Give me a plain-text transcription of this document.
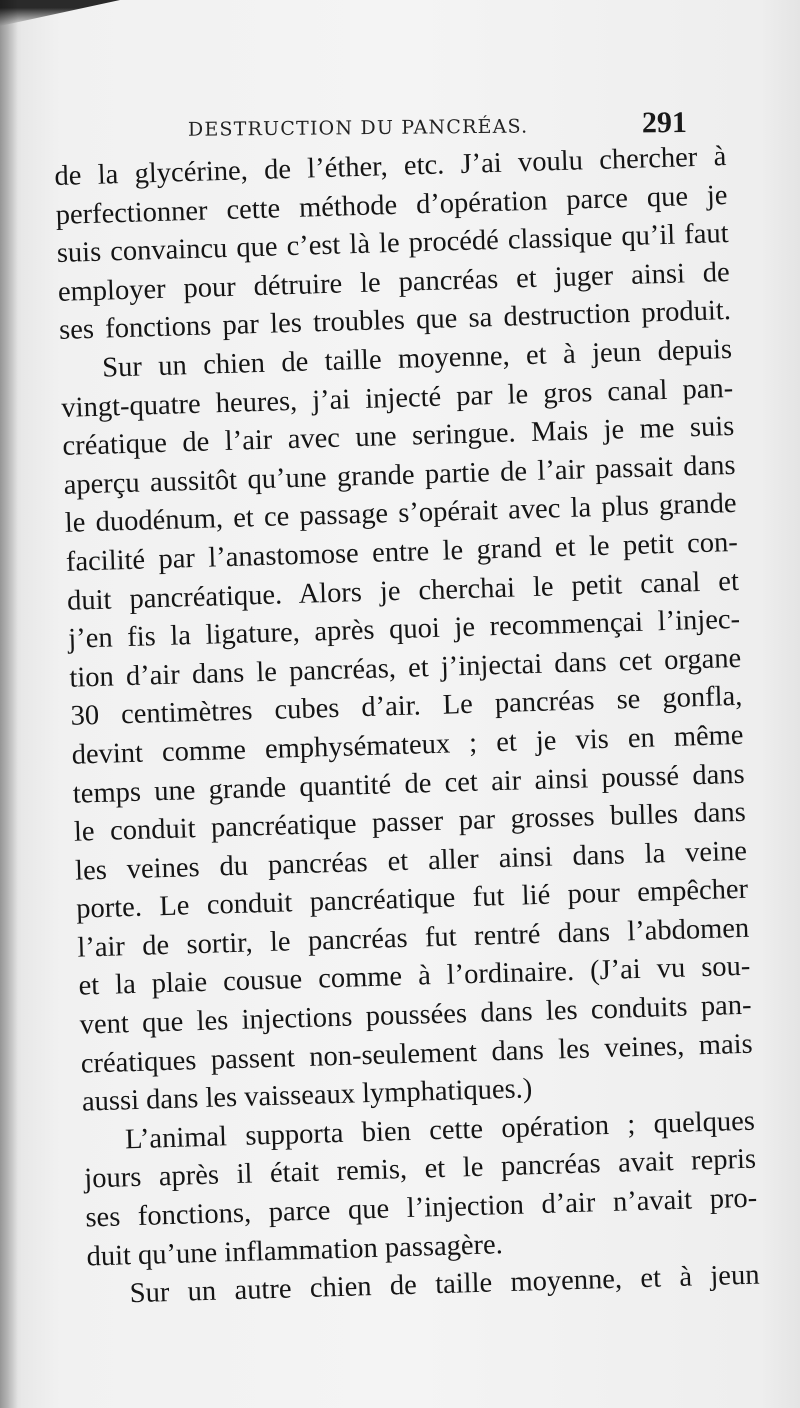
DESTRUCTION DU PANCRÉAS.	291
de la glycérine, de l’éther, etc. J’ai voulu chercher à
perfectionner cette méthode d’opération parce que je
suis convaincu que c’est là le procédé classique qu’il faut
employer pour détruire le pancréas et juger ainsi de
ses fonctions par les troubles que sa destruction produit.
Sur un chien de taille moyenne, et à jeun depuis
vingt-quatre heures, j’ai injecté par le gros canal pan-
créatique de l’air avec une seringue. Mais je me suis
aperçu aussitôt qu’une grande partie de l’air passait dans
le duodénum, et ce passage s’opérait avec la plus grande
facilité par l’anastomose entre le grand et le petit con-
duit pancréatique. Alors je cherchai le petit canal et
j’en fis la ligature, après quoi je recommençai l’injec-
tion d’air dans le pancréas, et j’injectai dans cet organe
30 centimètres cubes d’air. Le pancréas se gonfla,
devint comme emphysémateux ; et je vis en même
temps une grande quantité de cet air ainsi poussé dans
le conduit pancréatique passer par grosses bulles dans
les veines du pancréas et aller ainsi dans la veine
porte. Le conduit pancréatique fut lié pour empêcher
l’air de sortir, le pancréas fut rentré dans l’abdomen
et la plaie cousue comme à l’ordinaire. (J’ai vu sou-
vent que les injections poussées dans les conduits pan-
créatiques passent non-seulement dans les veines, mais
aussi dans les vaisseaux lymphatiques.)
L’animal supporta bien cette opération ; quelques
jours après il était remis, et le pancréas avait repris
ses fonctions, parce que l’injection d’air n’avait pro-
duit qu’une inflammation passagère.
Sur un autre chien de taille moyenne, et à jeun
